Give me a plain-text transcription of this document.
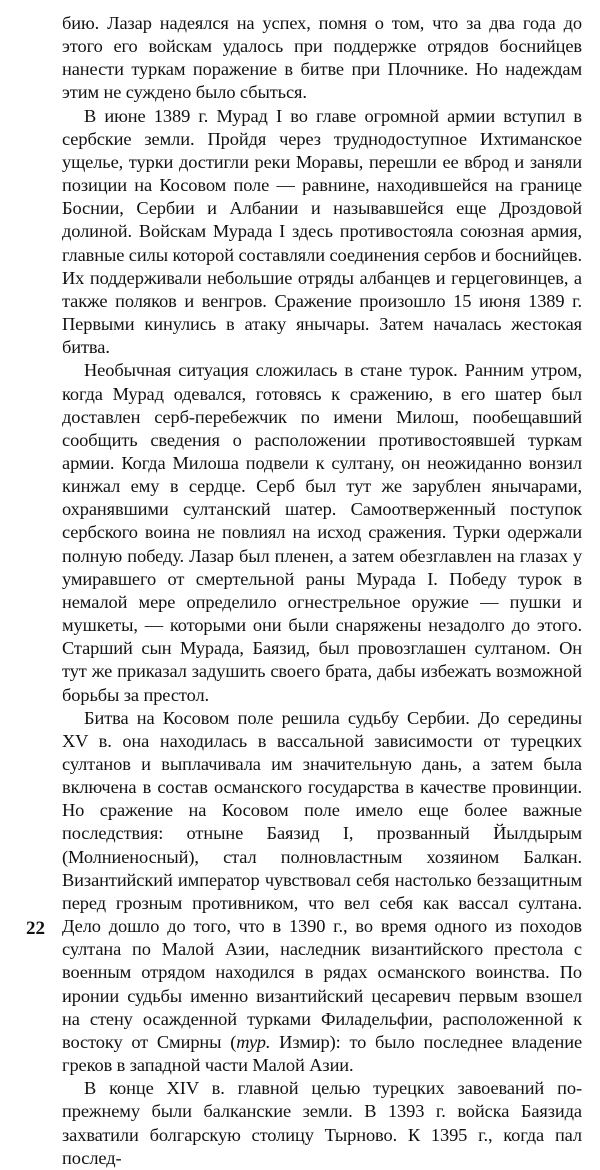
бию. Лазар надеялся на успех, помня о том, что за два года до этого его войскам удалось при поддержке отрядов боснийцев нанести туркам поражение в битве при Плочнике. Но надеждам этим не суждено было сбыться.

В июне 1389 г. Мурад I во главе огромной армии вступил в сербские земли. Пройдя через труднодоступное Ихтиманское ущелье, турки достигли реки Моравы, перешли ее вброд и заняли позиции на Косовом поле — равнине, находившейся на границе Боснии, Сербии и Албании и называвшейся еще Дроздовой долиной. Войскам Мурада I здесь противостояла союзная армия, главные силы которой составляли соединения сербов и боснийцев. Их поддерживали небольшие отряды албанцев и герцеговинцев, а также поляков и венгров. Сражение произошло 15 июня 1389 г. Первыми кинулись в атаку янычары. Затем началась жестокая битва.

Необычная ситуация сложилась в стане турок. Ранним утром, когда Мурад одевался, готовясь к сражению, в его шатер был доставлен серб-перебежчик по имени Милош, пообещавший сообщить сведения о расположении противостоявшей туркам армии. Когда Милоша подвели к султану, он неожиданно вонзил кинжал ему в сердце. Серб был тут же зарублен янычарами, охранявшими султанский шатер. Самоотверженный поступок сербского воина не повлиял на исход сражения. Турки одержали полную победу. Лазар был пленен, а затем обезглавлен на глазах у умиравшего от смертельной раны Мурада I. Победу турок в немалой мере определило огнестрельное оружие — пушки и мушкеты, — которыми они были снаряжены незадолго до этого. Старший сын Мурада, Баязид, был провозглашен султаном. Он тут же приказал задушить своего брата, дабы избежать возможной борьбы за престол.

Битва на Косовом поле решила судьбу Сербии. До середины XV в. она находилась в вассальной зависимости от турецких султанов и выплачивала им значительную дань, а затем была включена в состав османского государства в качестве провинции. Но сражение на Косовом поле имело еще более важные последствия: отныне Баязид I, прозванный Йылдырым (Молниеносный), стал полновластным хозяином Балкан. Византийский император чувствовал себя настолько беззащитным перед грозным противником, что вел себя как вассал султана. Дело дошло до того, что в 1390 г., во время одного из походов султана по Малой Азии, наследник византийского престола с военным отрядом находился в рядах османского воинства. По иронии судьбы именно византийский цесаревич первым взошел на стену осажденной турками Филадельфии, расположенной к востоку от Смирны (тур. Измир): то было последнее владение греков в западной части Малой Азии.

В конце XIV в. главной целью турецких завоеваний по-прежнему были балканские земли. В 1393 г. войска Баязида захватили болгарскую столицу Тырново. К 1395 г., когда пал послед-

22
